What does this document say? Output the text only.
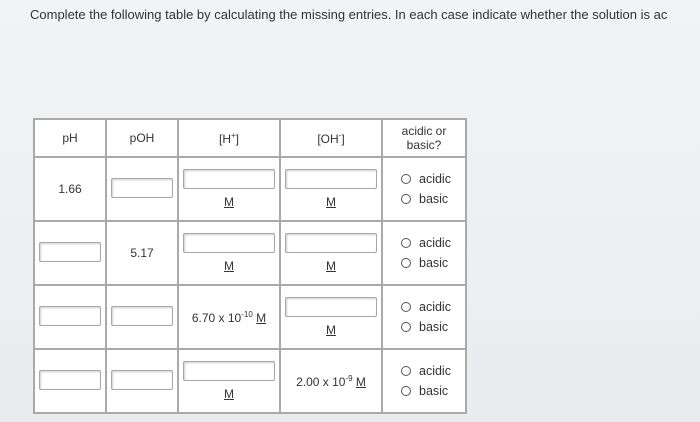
Complete the following table by calculating the missing entries. In each case indicate whether the solution is ac
pH	pOH	[H+]	[OH-]	acidic or
basic?

1.66		M	M	acidic
basic

	5.17	M	M	acidic
basic

		6.70 x $10^{-10}$ M	M	acidic
basic

		M	2.00 x $10^{-9}$ M	acidic
basic
